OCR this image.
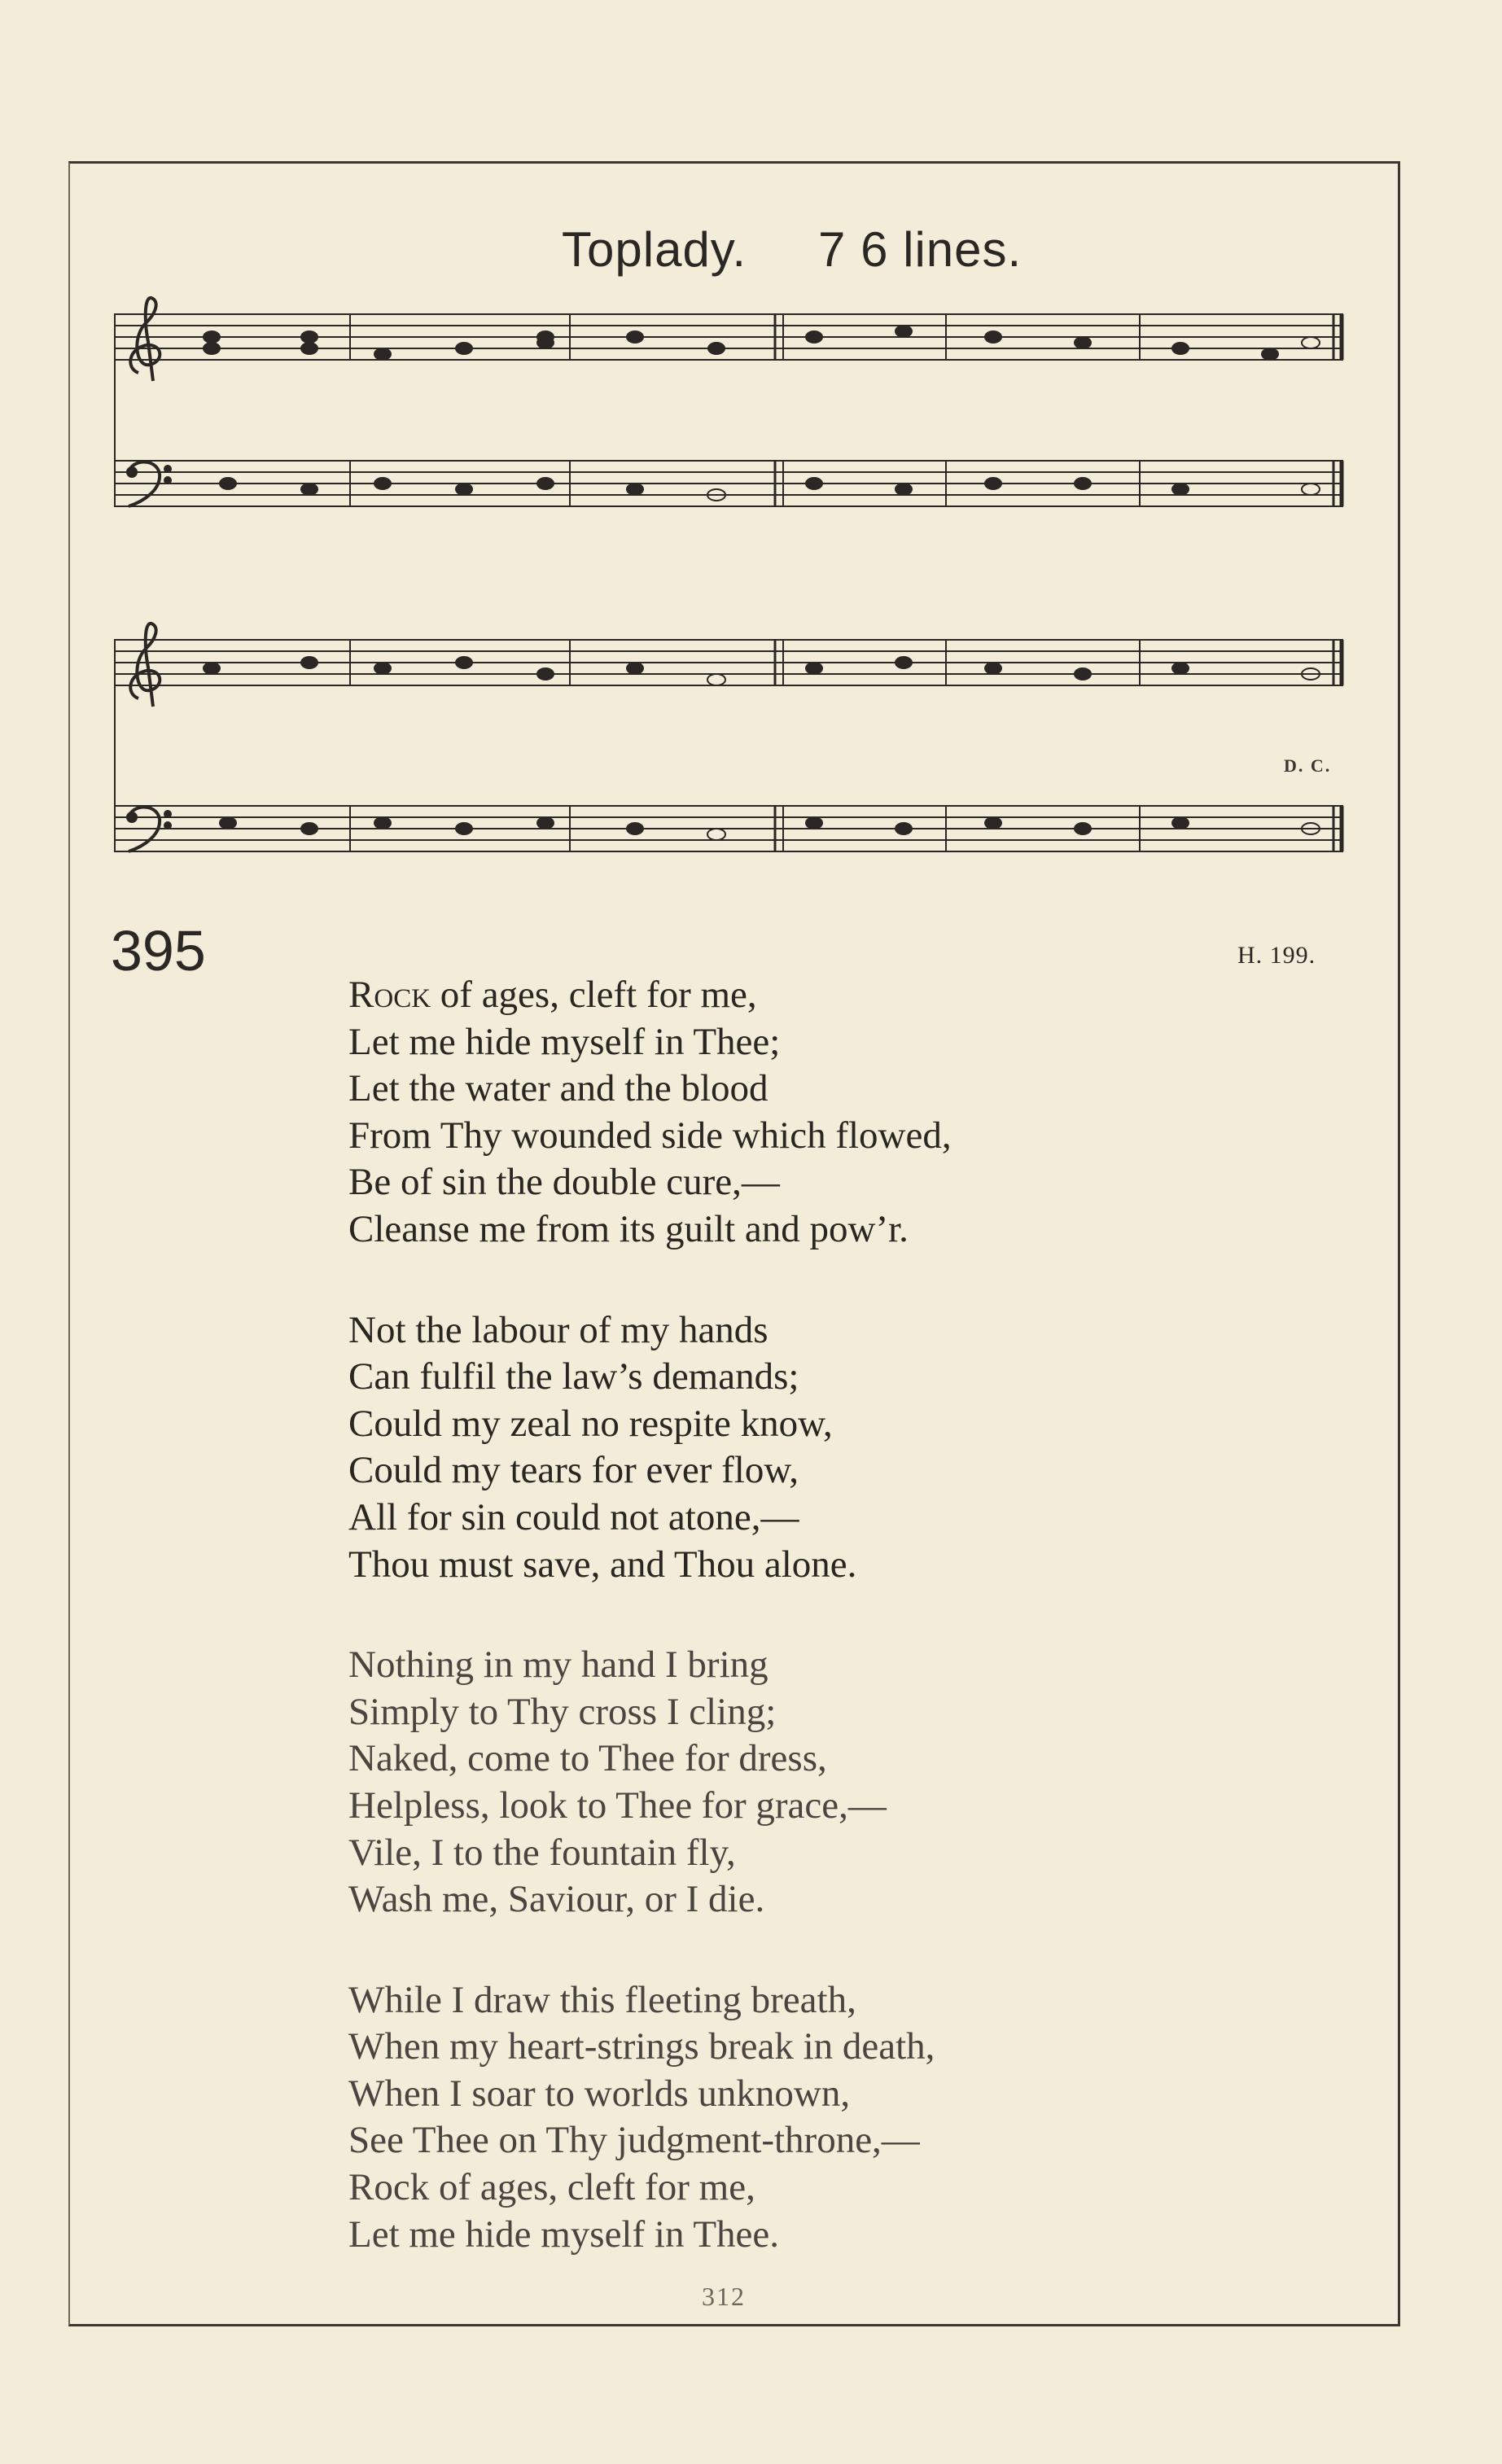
Toplady. 7 6 lines.
D. C.
395	H. 199.
Rock of ages, cleft for me,
Let me hide myself in Thee;
Let the water and the blood
From Thy wounded side which flowed,
Be of sin the double cure,—
Cleanse me from its guilt and pow’r.
Not the labour of my hands
Can fulfil the law’s demands;
Could my zeal no respite know,
Could my tears for ever flow,
All for sin could not atone,—
Thou must save, and Thou alone.
Nothing in my hand I bring
Simply to Thy cross I cling;
Naked, come to Thee for dress,
Helpless, look to Thee for grace,—
Vile, I to the fountain fly,
Wash me, Saviour, or I die.
While I draw this fleeting breath,
When my heart-strings break in death,
When I soar to worlds unknown,
See Thee on Thy judgment-throne,—
Rock of ages, cleft for me,
Let me hide myself in Thee.
312
